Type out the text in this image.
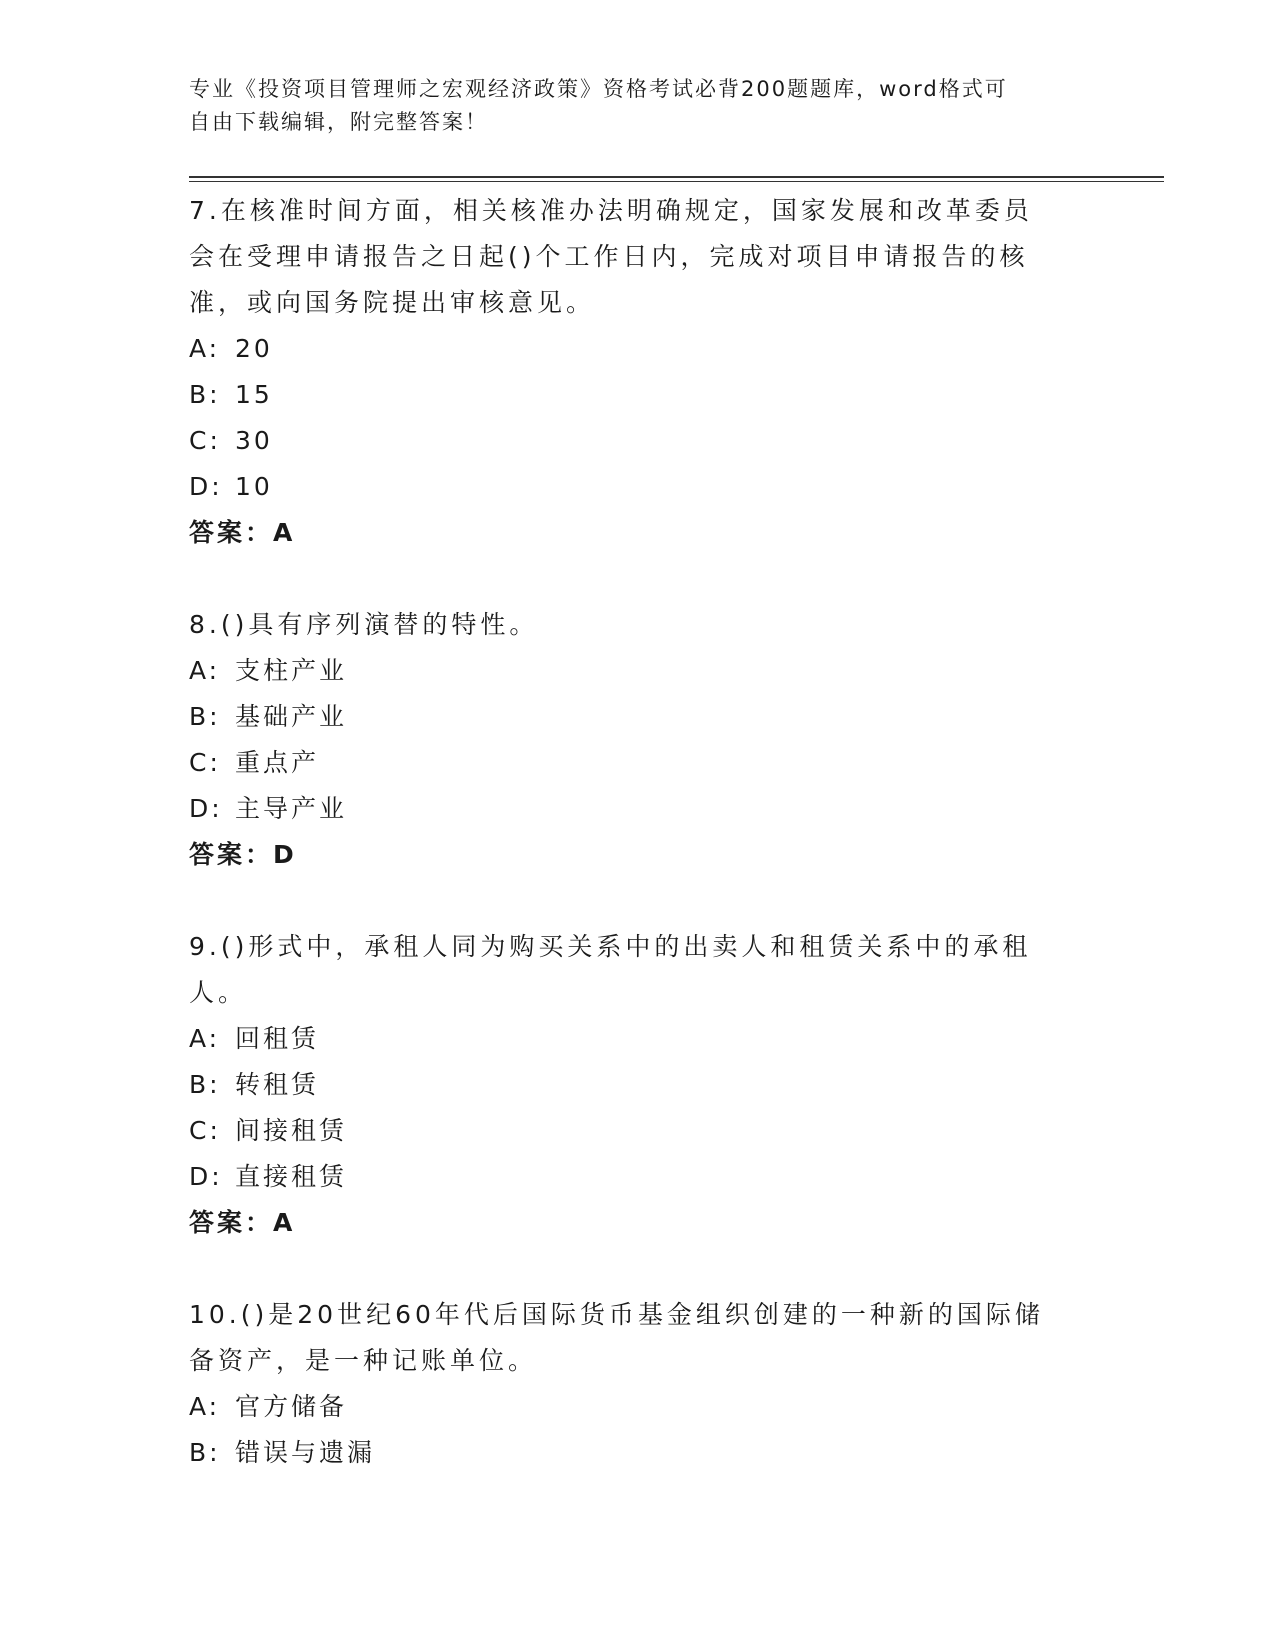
专业《投资项目管理师之宏观经济政策》资格考试必背200题题库，word格式可
自由下载编辑，附完整答案！
7.在核准时间方面，相关核准办法明确规定，国家发展和改革委员会在受理申请报告之日起()个工作日内，完成对项目申请报告的核准，或向国务院提出审核意见。
A: 20
B: 15
C: 30
D: 10
答案：A
8.()具有序列演替的特性。
A: 支柱产业
B: 基础产业
C: 重点产
D: 主导产业
答案：D
9.()形式中，承租人同为购买关系中的出卖人和租赁关系中的承租人。
A: 回租赁
B: 转租赁
C: 间接租赁
D: 直接租赁
答案：A
10.()是20世纪60年代后国际货币基金组织创建的一种新的国际储备资产，是一种记账单位。
A: 官方储备
B: 错误与遗漏
